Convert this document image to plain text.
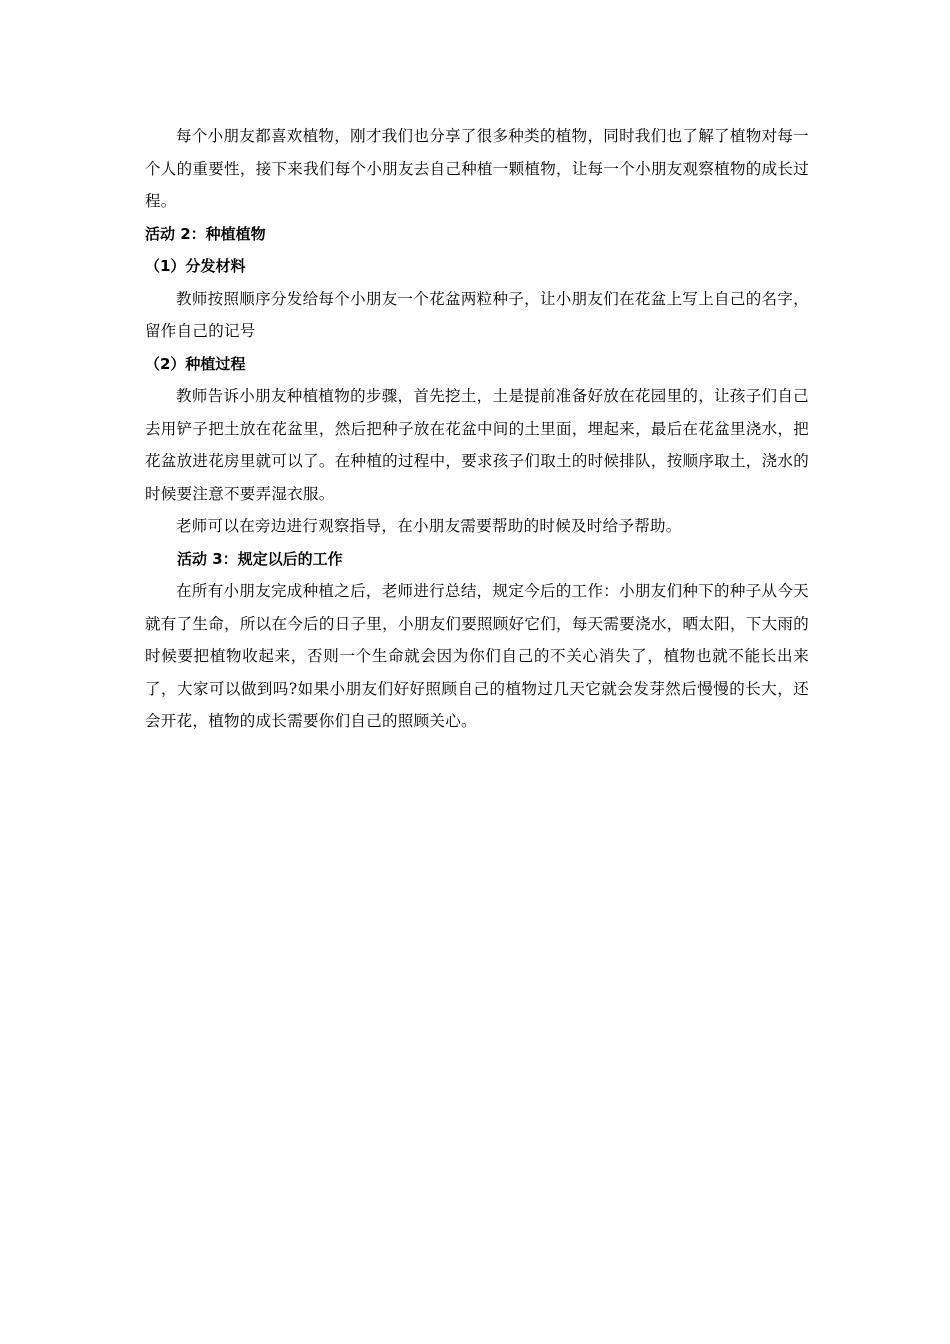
每个小朋友都喜欢植物，刚才我们也分享了很多种类的植物，同时我们也了解了植物对每一个人的重要性，接下来我们每个小朋友去自己种植一颗植物，让每一个小朋友观察植物的成长过程。

活动 2：种植植物

（1）分发材料

教师按照顺序分发给每个小朋友一个花盆两粒种子，让小朋友们在花盆上写上自己的名字，留作自己的记号

（2）种植过程

教师告诉小朋友种植植物的步骤，首先挖土，土是提前准备好放在花园里的，让孩子们自己去用铲子把土放在花盆里，然后把种子放在花盆中间的土里面，埋起来，最后在花盆里浇水，把花盆放进花房里就可以了。在种植的过程中，要求孩子们取土的时候排队，按顺序取土，浇水的时候要注意不要弄湿衣服。

老师可以在旁边进行观察指导，在小朋友需要帮助的时候及时给予帮助。

活动 3：规定以后的工作

在所有小朋友完成种植之后，老师进行总结，规定今后的工作：小朋友们种下的种子从今天就有了生命，所以在今后的日子里，小朋友们要照顾好它们，每天需要浇水，晒太阳，下大雨的时候要把植物收起来，否则一个生命就会因为你们自己的不关心消失了，植物也就不能长出来了，大家可以做到吗?如果小朋友们好好照顾自己的植物过几天它就会发芽然后慢慢的长大，还会开花，植物的成长需要你们自己的照顾关心。
